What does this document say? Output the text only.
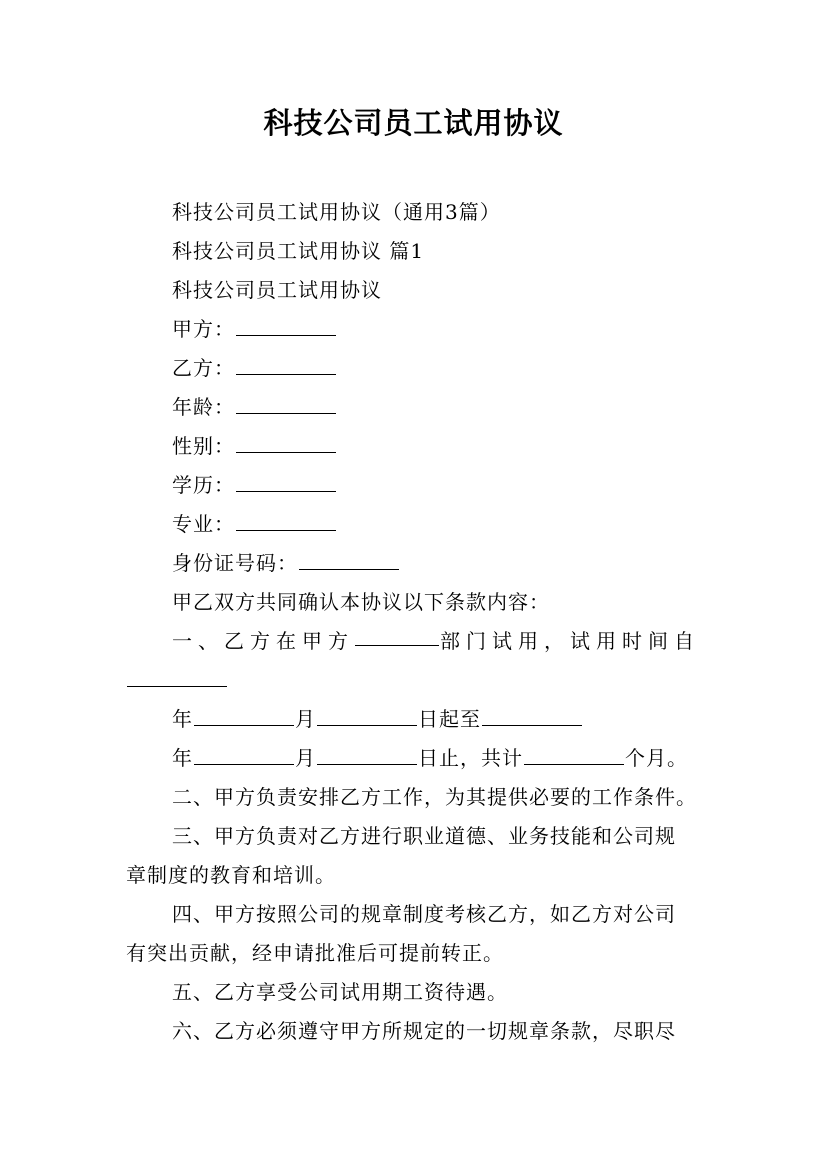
科技公司员工试用协议
科技公司员工试用协议（通用3篇）
科技公司员工试用协议 篇1
科技公司员工试用协议
甲方：
乙方：
年龄：
性别：
学历：
专业：
身份证号码：
甲乙双方共同确认本协议以下条款内容：
一、乙方在甲方	部门试用，试用时间自
年	月	日起至
年	月	日止，共计	个月。
二、甲方负责安排乙方工作，为其提供必要的工作条件。
三、甲方负责对乙方进行职业道德、业务技能和公司规
章制度的教育和培训。
四、甲方按照公司的规章制度考核乙方，如乙方对公司
有突出贡献，经申请批准后可提前转正。
五、乙方享受公司试用期工资待遇。
六、乙方必须遵守甲方所规定的一切规章条款，尽职尽
